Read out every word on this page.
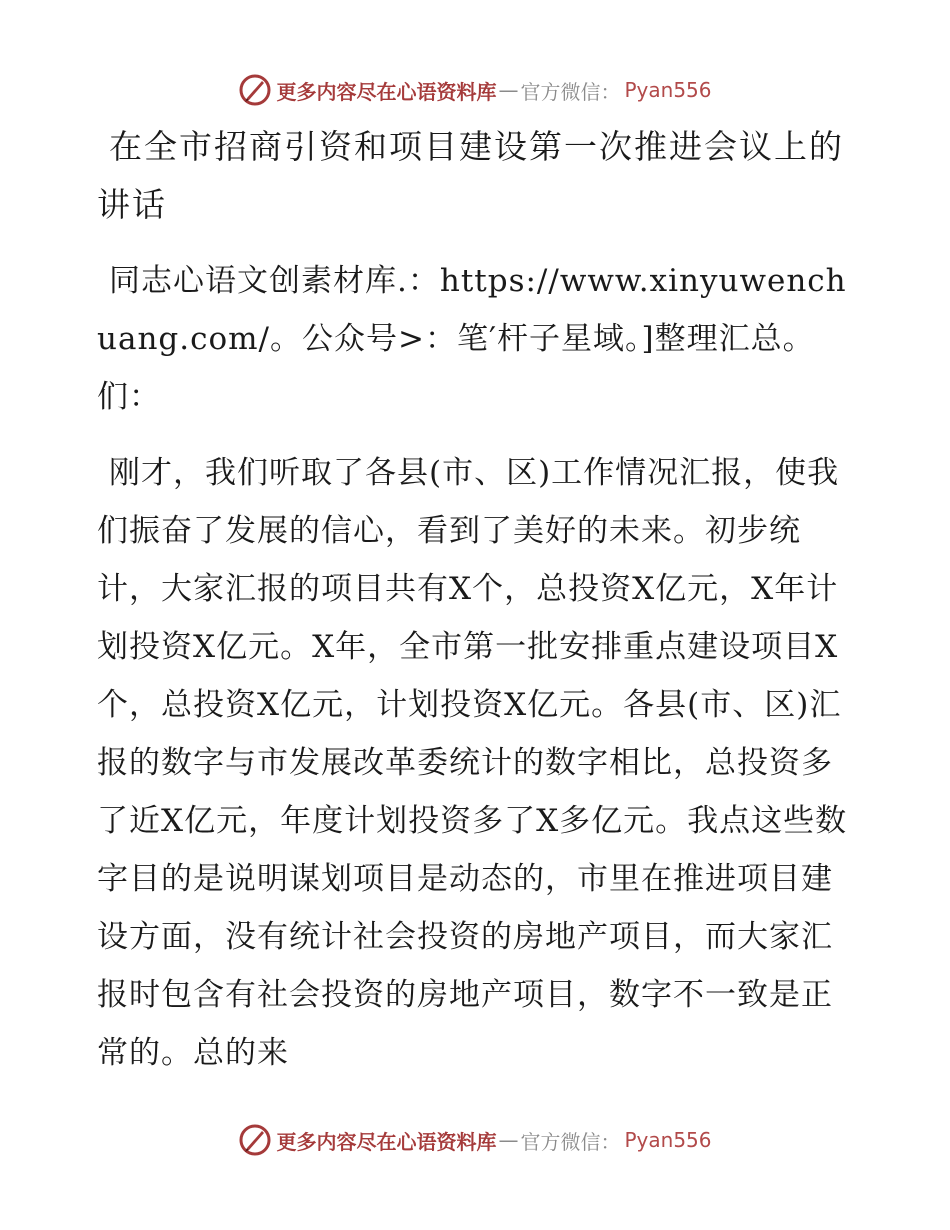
更多内容尽在心语资料库 — 官方微信： Pyan556
在全市招商引资和项目建设第一次推进会议上的讲话

同志心语文创素材库.：https://www.xinyuwenchuang.com/。公众号>：笔′杆子星域。]整理汇总。们：

刚才，我们听取了各县(市、区)工作情况汇报，使我们振奋了发展的信心，看到了美好的未来。初步统计，大家汇报的项目共有X个，总投资X亿元，X年计划投资X亿元。X年，全市第一批安排重点建设项目X个，总投资X亿元，计划投资X亿元。各县(市、区)汇报的数字与市发展改革委统计的数字相比，总投资多了近X亿元，年度计划投资多了X多亿元。我点这些数字目的是说明谋划项目是动态的，市里在推进项目建设方面，没有统计社会投资的房地产项目，而大家汇报时包含有社会投资的房地产项目，数字不一致是正常的。总的来

更多内容尽在心语资料库 — 官方微信： Pyan556
